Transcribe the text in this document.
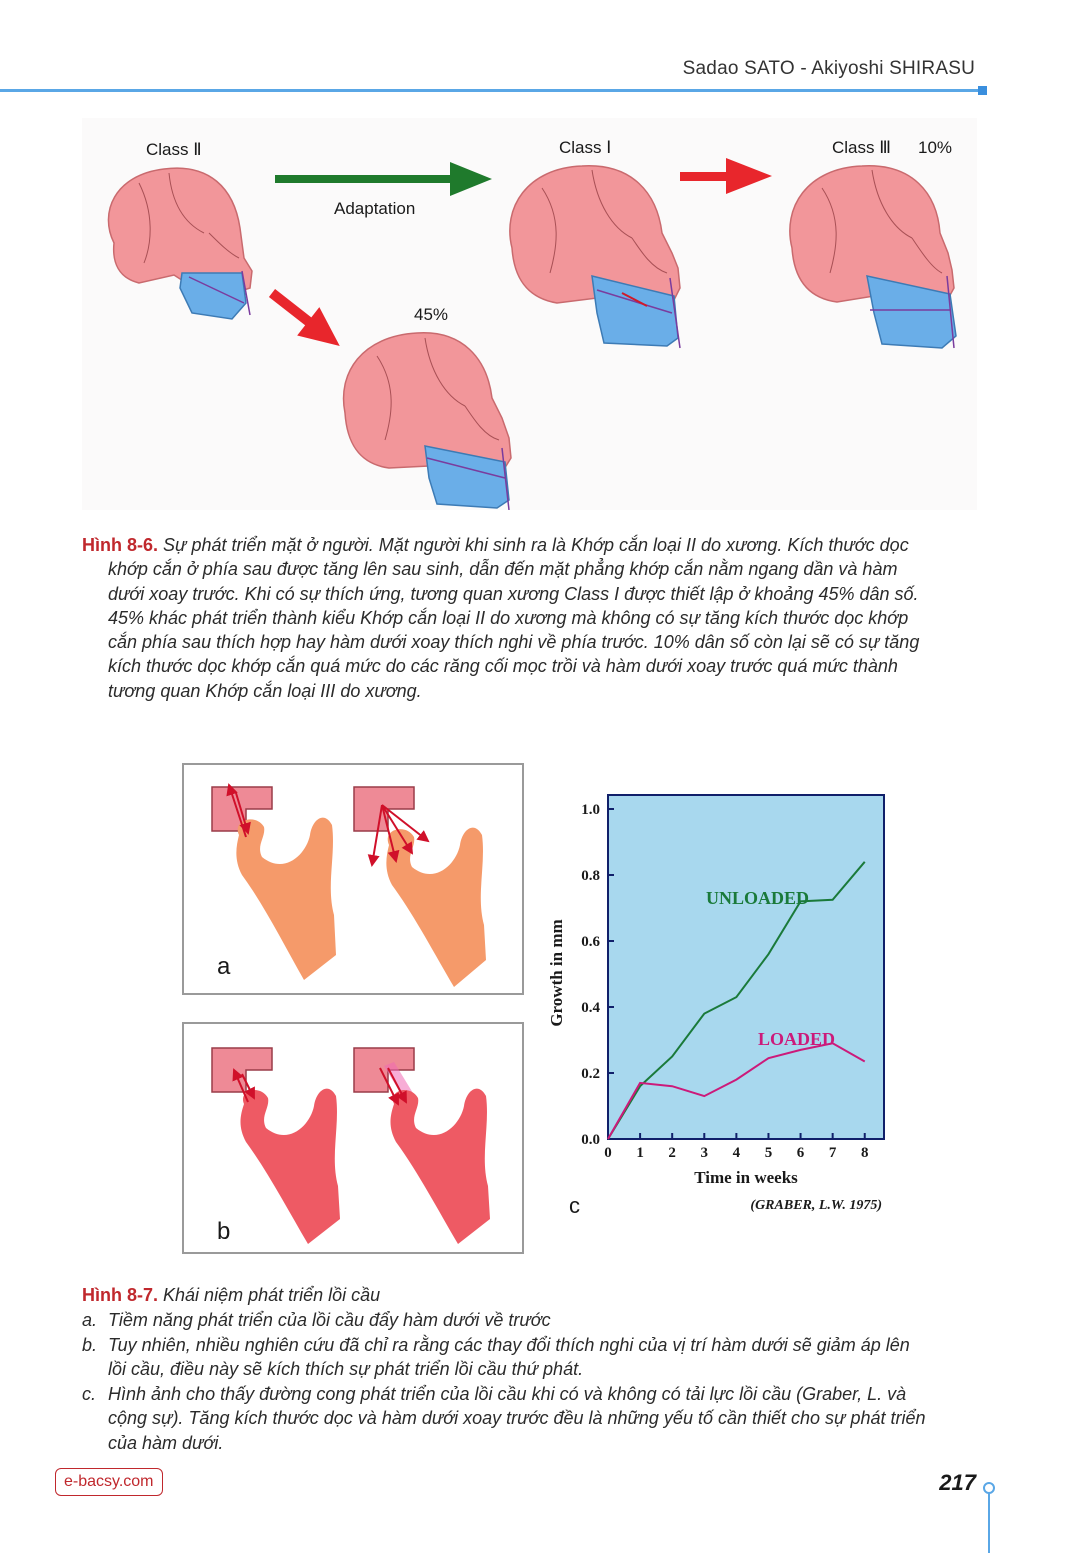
Sadao SATO - Akiyoshi SHIRASU
Class Ⅱ	Class Ⅰ	Class Ⅲ 10%
Adaptation
45%
Hình 8-6. Sự phát triển mặt ở người. Mặt người khi sinh ra là Khớp cắn loại II do xương. Kích thước dọc
khớp cắn ở phía sau được tăng lên sau sinh, dẫn đến mặt phẳng khớp cắn nằm ngang dần và hàm
dưới xoay trước. Khi có sự thích ứng, tương quan xương Class I được thiết lập ở khoảng 45% dân số.
45% khác phát triển thành kiểu Khớp cắn loại II do xương mà không có sự tăng kích thước dọc khớp
cắn phía sau thích hợp hay hàm dưới xoay thích nghi về phía trước. 10% dân số còn lại sẽ có sự tăng
kích thước dọc khớp cắn quá mức do các răng cối mọc trồi và hàm dưới xoay trước quá mức thành
tương quan Khớp cắn loại III do xương.
a
b
0.0
0.2
0.4
0.6
0.8
1.0
0 1 2 3 4 5 6 7 8
UNLOADED
LOADED
Time in weeks
Growth in mm
(GRABER, L.W. 1975)
c
Hình 8-7. Khái niệm phát triển lồi cầu
a. Tiềm năng phát triển của lồi cầu đẩy hàm dưới về trước
b. Tuy nhiên, nhiều nghiên cứu đã chỉ ra rằng các thay đổi thích nghi của vị trí hàm dưới sẽ giảm áp lên
lồi cầu, điều này sẽ kích thích sự phát triển lồi cầu thứ phát.
c. Hình ảnh cho thấy đường cong phát triển của lồi cầu khi có và không có tải lực lồi cầu (Graber, L. và
cộng sự). Tăng kích thước dọc và hàm dưới xoay trước đều là những yếu tố cần thiết cho sự phát triển
của hàm dưới.
e-bacsy.com	217
